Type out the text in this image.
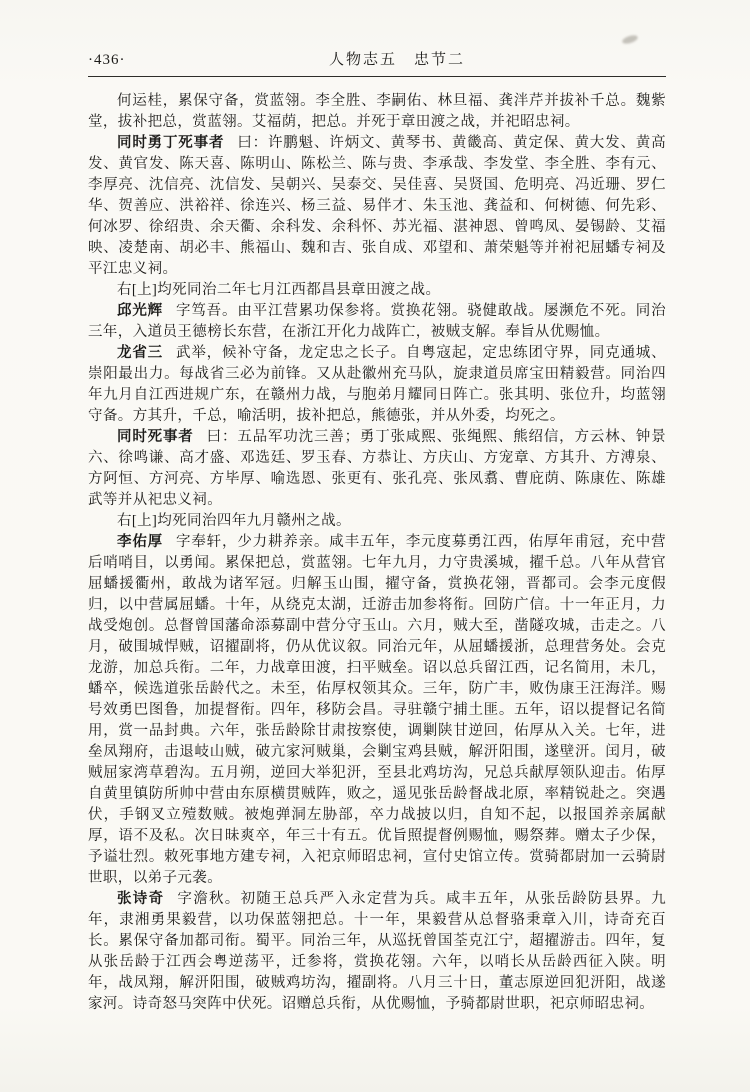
·436·	人物志五　忠节二

何运桂，累保守备，赏蓝翎。李全胜、李嗣佑、林旦福、龚泮芹并拔补千总。魏紫堂，拔补把总，赏蓝翎。艾福荫，把总。并死于章田渡之战，并祀昭忠祠。

同时勇丁死事者 曰：许鹏魁、许炳文、黄琴书、黄畿高、黄定保、黄大发、黄高发、黄官发、陈天喜、陈明山、陈松兰、陈与贵、李承哉、李发堂、李全胜、李有元、李厚亮、沈信亮、沈信发、吴朝兴、吴泰交、吴佳喜、吴贤国、危明亮、冯近珊、罗仁华、贺善应、洪裕祥、徐连兴、杨三益、易伴才、朱玉池、龚益和、何树德、何先彩、何冰罗、徐绍贵、余天衢、余科发、余科怀、苏光福、湛神恩、曾鸣凤、晏锡龄、艾福映、凌楚南、胡必丰、熊福山、魏和吉、张自成、邓望和、萧荣魁等并祔祀屈蟠专祠及平江忠义祠。

右[上]均死同治二年七月江西都昌县章田渡之战。

邱光辉 字笃吾。由平江营累功保参将。赏换花翎。骁健敢战。屡濒危不死。同治三年，入道员王德榜长东营，在浙江开化力战阵亡，被贼支解。奉旨从优赐恤。

龙省三 武举，候补守备，龙定忠之长子。自粤寇起，定忠练团守界，同克通城、崇阳最出力。每战省三必为前锋。又从赴徽州充马队，旋隶道员席宝田精毅营。同治四年九月自江西进规广东，在赣州力战，与胞弟月耀同日阵亡。张其明、张位升，均蓝翎守备。方其升，千总，喻活明，拔补把总，熊德张，并从外委，均死之。

同时死事者 曰：五品军功沈三善；勇丁张咸熙、张绳熙、熊绍信，方云林、钟景六、徐鸣谦、高才盛、邓选廷、罗玉春、方恭让、方庆山、方宠章、方其升、方溥泉、方阿恒、方河亮、方毕厚、喻选恩、张更有、张孔亮、张凤翥、曹庇荫、陈康佐、陈雄武等并从祀忠义祠。

右[上]均死同治四年九月赣州之战。

李佑厚 字奉轩，少力耕养亲。咸丰五年，李元度募勇江西，佑厚年甫冠，充中营后哨哨目，以勇闻。累保把总，赏蓝翎。七年九月，力守贵溪城，擢千总。八年从营官屈蟠援衢州，敢战为诸军冠。归解玉山围，擢守备，赏换花翎，晋都司。会李元度假归，以中营属屈蟠。十年，从绕克太湖，迁游击加参将衔。回防广信。十一年正月，力战受炮创。总督曾国藩命添募副中营分守玉山。六月，贼大至，凿隧攻城，击走之。八月，破围城悍贼，诏擢副将，仍从优议叙。同治元年，从屈蟠援浙，总理营务处。会克龙游，加总兵衔。二年，力战章田渡，扫平贼垒。诏以总兵留江西，记名简用，未几，蟠卒，候选道张岳龄代之。未至，佑厚权领其众。三年，防广丰，败伪康王汪海洋。赐号效勇巴图鲁，加提督衔。四年，移防会昌。寻驻赣宁捕土匪。五年，诏以提督记名简用，赏一品封典。六年，张岳龄除甘肃按察使，调剿陕甘逆回，佑厚从入关。七年，进垒凤翔府，击退岐山贼，破亢家河贼巢，会剿宝鸡县贼，解汧阳围，遂壁汧。闰月，破贼屈家湾草碧沟。五月朔，逆回大举犯汧，至县北鸡坊沟，兄总兵献厚领队迎击。佑厚自黄里镇防所帅中营由东原横贯贼阵，败之，遥见张岳龄督战北原，率精锐赴之。突遇伏，手钢叉立殪数贼。被炮弹洞左胁部，卒力战披以归，自知不起，以报国养亲属献厚，语不及私。次日昧爽卒，年三十有五。优旨照提督例赐恤，赐祭葬。赠太子少保，予谥壮烈。敕死事地方建专祠，入祀京师昭忠祠，宣付史馆立传。赏骑都尉加一云骑尉世职，以弟子元袭。

张诗奇 字澹秋。初随王总兵严入永定营为兵。咸丰五年，从张岳龄防县界。九年，隶湘勇果毅营，以功保蓝翎把总。十一年，果毅营从总督骆秉章入川，诗奇充百长。累保守备加都司衔。蜀平。同治三年，从巡抚曾国荃克江宁，超擢游击。四年，复从张岳龄于江西会粤逆荡平，迁参将，赏换花翎。六年，以哨长从岳龄西征入陕。明年，战凤翔，解汧阳围，破贼鸡坊沟，擢副将。八月三十日，董志原逆回犯汧阳，战遂家河。诗奇怒马突阵中伏死。诏赠总兵衔，从优赐恤，予骑都尉世职，祀京师昭忠祠。
